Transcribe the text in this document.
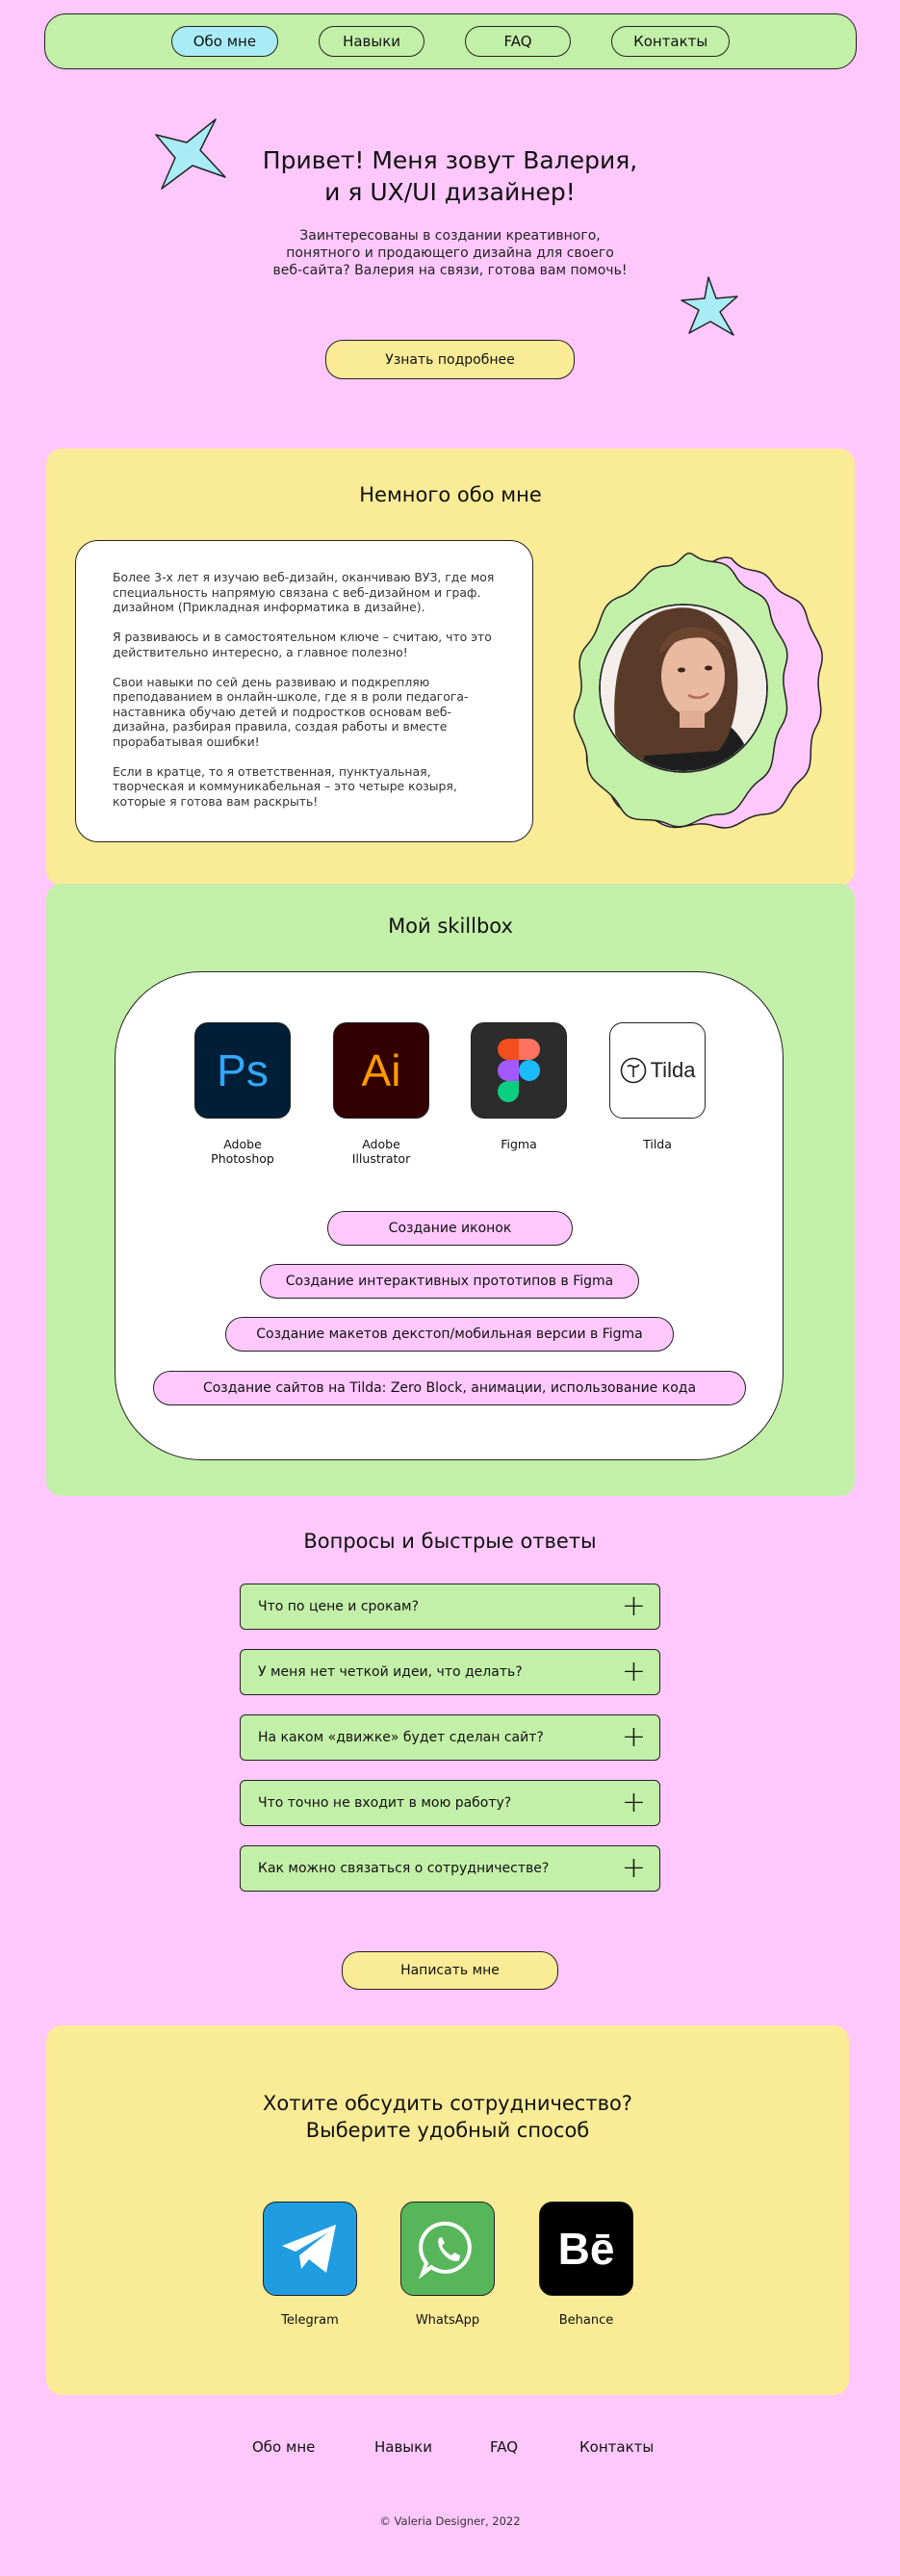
Обо мне	Навыки	FAQ	Контакты
Привет! Меня зовут Валерия,
и я UX/UI дизайнер!
Заинтересованы в создании креативного,
понятного и продающего дизайна для своего
веб-сайта? Валерия на связи, готова вам помочь!
Узнать подробнее
Немного обо мне

Более 3-х лет я изучаю веб-дизайн, оканчиваю ВУЗ, где моя специальность напрямую связана с веб-дизайном и граф. дизайном (Прикладная информатика в дизайне).

Я развиваюсь и в самостоятельном ключе – считаю, что это действительно интересно, а главное полезно!

Свои навыки по сей день развиваю и подкрепляю преподаванием в онлайн-школе, где я в роли педагога-наставника обучаю детей и подростков основам веб-дизайна, разбирая правила, создая работы и вместе прорабатывая ошибки!

Если в кратце, то я ответственная, пунктуальная, творческая и коммуникабельная – это четыре козыря, которые я готова вам раскрыть!

Мой skillbox
Ps Ai	Tilda
Adobe
Photoshop
Adobe
Illustrator
Figma	Tilda
Создание иконок
Создание интерактивных прототипов в Figma
Создание макетов декстоп/мобильная версии в Figma
Создание сайтов на Tilda: Zero Block, анимации, использование кода
Вопросы и быстрые ответы
Что по цене и срокам?	+
У меня нет четкой идеи, что делать?	+
На каком «движке» будет сделан сайт?	+
Что точно не входит в мою работу?	+
Как можно связаться о сотрудничестве?	+
Написать мне
Хотите обсудить сотрудничество?
Выберите удобный способ
Bē
Telegram	WhatsApp	Behance
Обо мне	Навыки	FAQ	Контакты
© Valeria Designer, 2022
